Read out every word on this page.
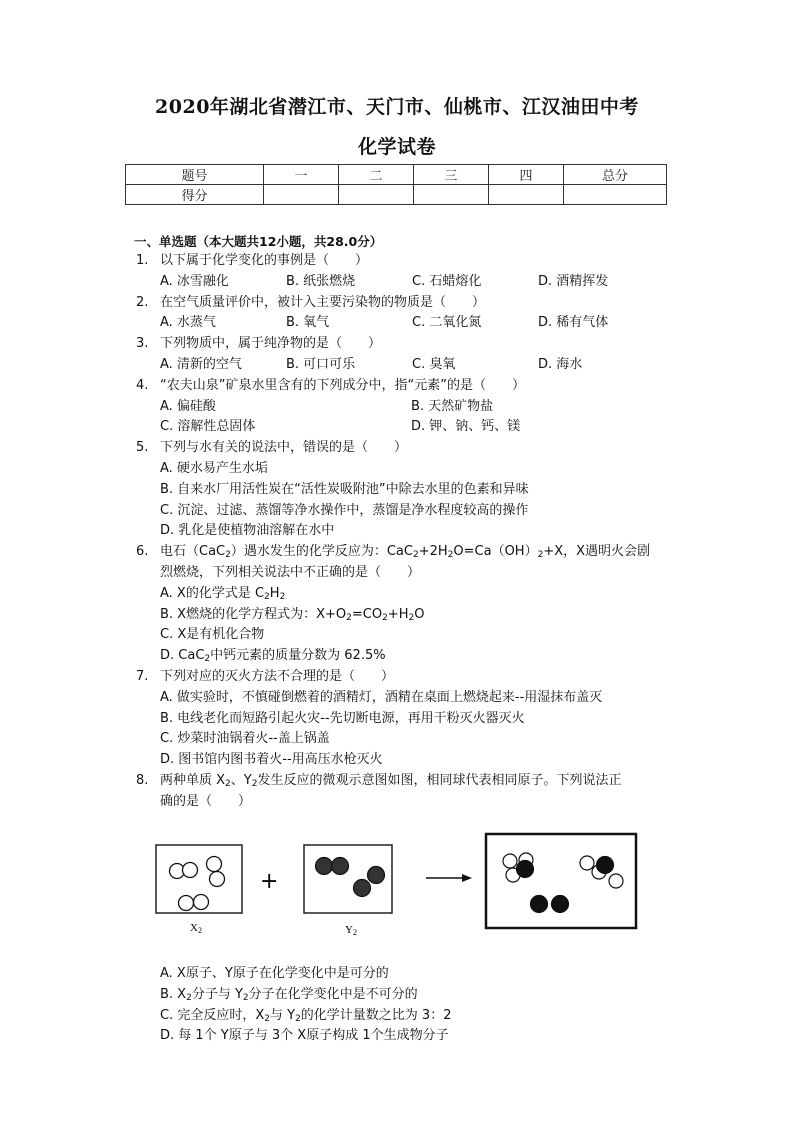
2020年湖北省潜江市、天门市、仙桃市、江汉油田中考
化学试卷
题号	一	二	三	四	总分
得分					
一、单选题（本大题共12小题，共28.0分）
1. 以下属于化学变化的事例是（　　）
A. 冰雪融化	B. 纸张燃烧	C. 石蜡熔化	D. 酒精挥发
2. 在空气质量评价中，被计入主要污染物的物质是（　　）
A. 水蒸气	B. 氧气	C. 二氧化氮	D. 稀有气体
3. 下列物质中，属于纯净物的是（　　）
A. 清新的空气	B. 可口可乐	C. 臭氧	D. 海水
4. “农夫山泉”矿泉水里含有的下列成分中，指“元素”的是（　　）
A. 偏硅酸	B. 天然矿物盐
C. 溶解性总固体	D. 钾、钠、钙、镁
5. 下列与水有关的说法中，错误的是（　　）
A. 硬水易产生水垢
B. 自来水厂用活性炭在“活性炭吸附池”中除去水里的色素和异味
C. 沉淀、过滤、蒸馏等净水操作中，蒸馏是净水程度较高的操作
D. 乳化是使植物油溶解在水中
6. 电石（CaC$_2$）遇水发生的化学反应为：$CaC_2+2H_2O=Ca(OH)_2+X$，X遇明火会剧
烈燃烧，下列相关说法中不正确的是（　　）
A. X的化学式是 $C_2H_2$
B. X燃烧的化学方程式为：$X+O_2=CO_2+H_2O$
C. X是有机化合物
D. CaC$_2$中钙元素的质量分数为 62.5%
7. 下列对应的灭火方法不合理的是（　　）
A. 做实验时，不慎碰倒燃着的酒精灯，酒精在桌面上燃烧起来--用湿抹布盖灭
B. 电线老化而短路引起火灾--先切断电源，再用干粉灭火器灭火
C. 炒菜时油锅着火--盖上锅盖
D. 图书馆内图书着火--用高压水枪灭火
8. 两种单质 $X_2$、$Y_2$发生反应的微观示意图如图，相同球代表相同原子。下列说法正
确的是（　　）
X2
+
Y2
A. X原子、Y原子在化学变化中是可分的
B. $X_2$分子与 $Y_2$分子在化学变化中是不可分的
C. 完全反应时，$X_2$与 $Y_2$的化学计量数之比为 3：2
D. 每 1个 Y原子与 3个 X原子构成 1个生成物分子
